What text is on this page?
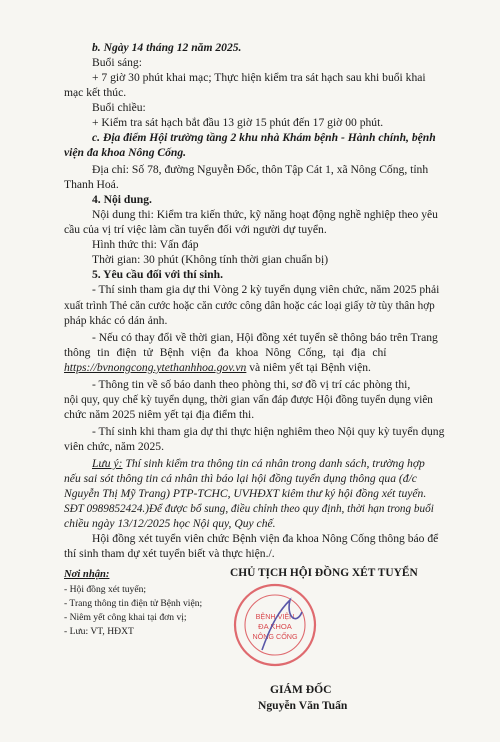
b. Ngày 14 tháng 12 năm 2025.
Buổi sáng:
+ 7 giờ 30 phút khai mạc; Thực hiện kiểm tra sát hạch sau khi buổi khai
mạc kết thúc.
Buổi chiều:
+ Kiểm tra sát hạch bắt đầu 13 giờ 15 phút đến 17 giờ 00 phút.
c. Địa điểm Hội trường tầng 2 khu nhà Khám bệnh - Hành chính, bệnh
viện đa khoa Nông Cống.
Địa chỉ: Số 78, đường Nguyễn Đốc, thôn Tập Cát 1, xã Nông Cống, tỉnh
Thanh Hoá.
4. Nội dung.
Nội dung thi: Kiểm tra kiến thức, kỹ năng hoạt động nghề nghiệp theo yêu
cầu của vị trí việc làm cần tuyển đối với người dự tuyển.
Hình thức thi: Vấn đáp
Thời gian: 30 phút (Không tính thời gian chuẩn bị)
5. Yêu cầu đối với thí sinh.
- Thí sinh tham gia dự thi Vòng 2 kỳ tuyển dụng viên chức, năm 2025 phải
xuất trình Thẻ căn cước hoặc căn cước công dân hoặc các loại giấy tờ tùy thân hợp
pháp khác có dán ảnh.
- Nếu có thay đổi về thời gian, Hội đồng xét tuyển sẽ thông báo trên Trang
thông tin điện tử Bệnh viện đa khoa Nông Cống, tại địa chỉ
https://bvnongcong.ytethanhhoa.gov.vn và niêm yết tại Bệnh viện.
- Thông tin về số báo danh theo phòng thi, sơ đồ vị trí các phòng thi,
nội quy, quy chế kỳ tuyển dụng, thời gian vấn đáp được Hội đồng tuyển dụng viên
chức năm 2025 niêm yết tại địa điểm thi.
- Thí sinh khi tham gia dự thi thực hiện nghiêm theo Nội quy kỳ tuyển dụng
viên chức, năm 2025.
Lưu ý: Thí sinh kiểm tra thông tin cá nhân trong danh sách, trường hợp
nếu sai sót thông tin cá nhân thì báo lại hội đồng tuyển dụng thông qua (đ/c
Nguyễn Thị Mỹ Trang) PTP-TCHC, UVHĐXT kiêm thư ký hội đồng xét tuyển.
SĐT 0989852424.)Để được bổ sung, điều chỉnh theo quy định, thời hạn trong buổi
chiều ngày 13/12/2025 học Nội quy, Quy chế.
Hội đồng xét tuyển viên chức Bệnh viện đa khoa Nông Cống thông báo để
thí sinh tham dự xét tuyển biết và thực hiện./.
Nơi nhận:
- Hội đồng xét tuyển;
- Trang thông tin điện tử Bệnh viện;
- Niêm yết công khai tại đơn vị;
- Lưu: VT, HĐXT
CHỦ TỊCH HỘI ĐỒNG XÉT TUYỂN
BỆNH VIỆN
ĐA KHOA
NÔNG CỐNG
GIÁM ĐỐC
Nguyễn Văn Tuấn
